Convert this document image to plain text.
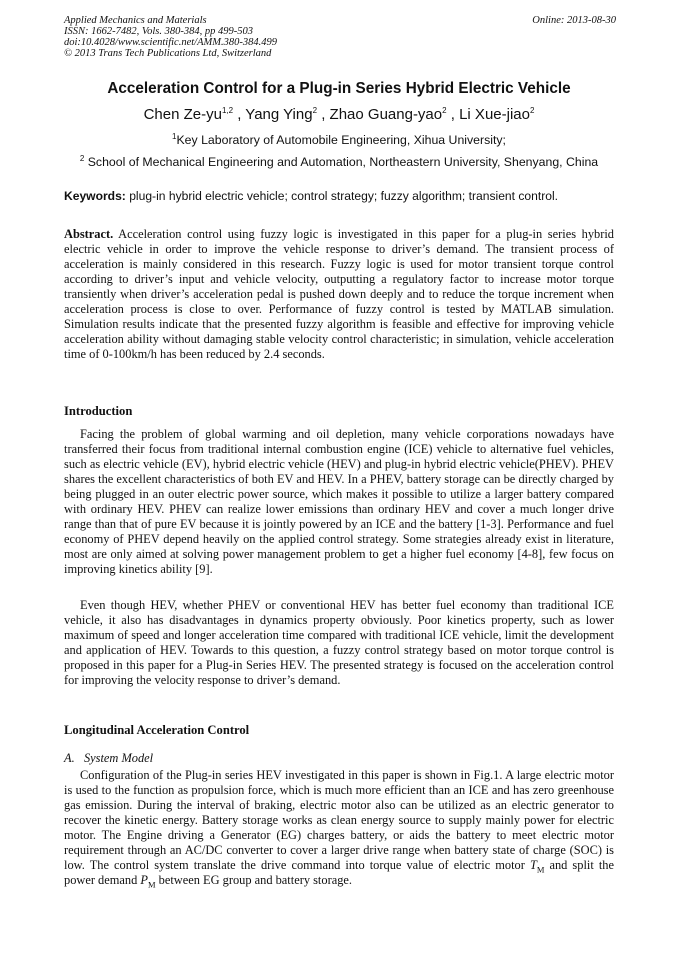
Applied Mechanics and Materials
ISSN: 1662-7482, Vols. 380-384, pp 499-503
doi:10.4028/www.scientific.net/AMM.380-384.499
© 2013 Trans Tech Publications Ltd, Switzerland
Online: 2013-08-30
Acceleration Control for a Plug-in Series Hybrid Electric Vehicle
Chen Ze-yu$^{1,2}$ , Yang Ying$^2$ , Zhao Guang-yao$^2$ , Li Xue-jiao$^2$
$^1$Key Laboratory of Automobile Engineering, Xihua University;
$^2$ School of Mechanical Engineering and Automation, Northeastern University, Shenyang, China
Keywords: plug-in hybrid electric vehicle; control strategy; fuzzy algorithm; transient control.
Abstract. Acceleration control using fuzzy logic is investigated in this paper for a plug-in series hybrid electric vehicle in order to improve the vehicle response to driver’s demand. The transient process of acceleration is mainly considered in this research. Fuzzy logic is used for motor transient torque control according to driver’s input and vehicle velocity, outputting a regulatory factor to increase motor torque transiently when driver’s acceleration pedal is pushed down deeply and to reduce the torque increment when acceleration process is close to over. Performance of fuzzy control is tested by MATLAB simulation. Simulation results indicate that the presented fuzzy algorithm is feasible and effective for improving vehicle acceleration ability without damaging stable velocity control characteristic; in simulation, vehicle acceleration time of 0-100km/h has been reduced by 2.4 seconds.
Introduction
Facing the problem of global warming and oil depletion, many vehicle corporations nowadays have transferred their focus from traditional internal combustion engine (ICE) vehicle to alternative fuel vehicles, such as electric vehicle (EV), hybrid electric vehicle (HEV) and plug-in hybrid electric vehicle(PHEV). PHEV shares the excellent characteristics of both EV and HEV. In a PHEV, battery storage can be directly charged by being plugged in an outer electric power source, which makes it possible to utilize a larger battery compared with ordinary HEV. PHEV can realize lower emissions than ordinary HEV and cover a much longer drive range than that of pure EV because it is jointly powered by an ICE and the battery [1-3]. Performance and fuel economy of PHEV depend heavily on the applied control strategy. Some strategies already exist in literature, most are only aimed at solving power management problem to get a higher fuel economy [4-8], few focus on improving kinetics ability [9].
Even though HEV, whether PHEV or conventional HEV has better fuel economy than traditional ICE vehicle, it also has disadvantages in dynamics property obviously. Poor kinetics property, such as lower maximum of speed and longer acceleration time compared with traditional ICE vehicle, limit the development and application of HEV. Towards to this question, a fuzzy control strategy based on motor torque control is proposed in this paper for a Plug-in Series HEV. The presented strategy is focused on the acceleration control for improving the velocity response to driver’s demand.
Longitudinal Acceleration Control
A. System Model
Configuration of the Plug-in series HEV investigated in this paper is shown in Fig.1. A large electric motor is used to the function as propulsion force, which is much more efficient than an ICE and has zero greenhouse gas emission. During the interval of braking, electric motor also can be utilized as an electric generator to recover the kinetic energy. Battery storage works as clean energy source to supply mainly power for electric motor. The Engine driving a Generator (EG) charges battery, or aids the battery to meet electric motor requirement through an AC/DC converter to cover a larger drive range when battery state of charge (SOC) is low. The control system translate the drive command into torque value of electric motor $T_M$ and split the power demand $P_M$ between EG group and battery storage.
